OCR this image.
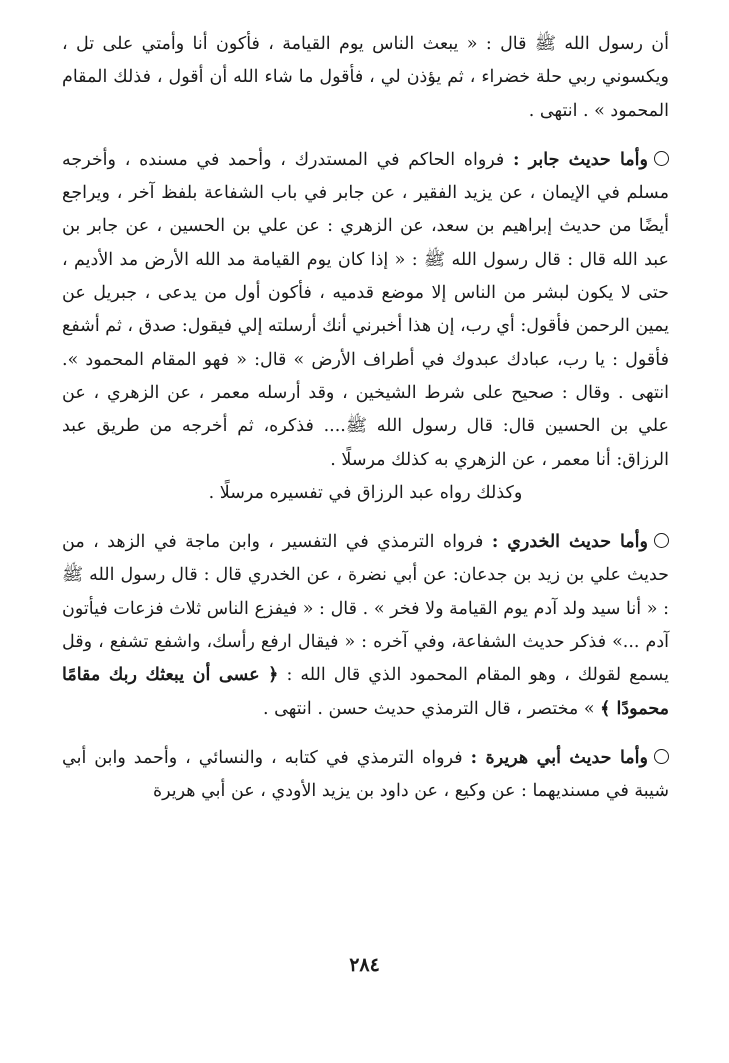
أن رسول الله ﷺ قال : « يبعث الناس يوم القيامة ، فأكون أنا وأمتي على تل ، ويكسوني ربي حلة خضراء ، ثم يؤذن لي ، فأقول ما شاء الله أن أقول ، فذلك المقام المحمود » . انتهى .

وأما حديث جابر : فرواه الحاكم في المستدرك ، وأحمد في مسنده ، وأخرجه مسلم في الإيمان ، عن يزيد الفقير ، عن جابر في باب الشفاعة بلفظ آخر ، ويراجع أيضًا من حديث إبراهيم بن سعد، عن الزهري : عن علي بن الحسين ، عن جابر بن عبد الله قال : قال رسول الله ﷺ : « إذا كان يوم القيامة مد الله الأرض مد الأديم ، حتى لا يكون لبشر من الناس إلا موضع قدميه ، فأكون أول من يدعى ، جبريل عن يمين الرحمن فأقول: أي رب، إن هذا أخبرني أنك أرسلته إلي فيقول: صدق ، ثم أشفع فأقول : يا رب، عبادك عبدوك في أطراف الأرض » قال: « فهو المقام المحمود ». انتهى . وقال : صحيح على شرط الشيخين ، وقد أرسله معمر ، عن الزهري ، عن علي بن الحسين قال: قال رسول الله ﷺ.... فذكره، ثم أخرجه من طريق عبد الرزاق: أنا معمر ، عن الزهري به كذلك مرسلًا .

وكذلك رواه عبد الرزاق في تفسيره مرسلًا .

وأما حديث الخدري : فرواه الترمذي في التفسير ، وابن ماجة في الزهد ، من حديث علي بن زيد بن جدعان: عن أبي نضرة ، عن الخدري قال : قال رسول الله ﷺ : « أنا سيد ولد آدم يوم القيامة ولا فخر » . قال : « فيفزع الناس ثلاث فزعات فيأتون آدم ...» فذكر حديث الشفاعة، وفي آخره : « فيقال ارفع رأسك، واشفع تشفع ، وقل يسمع لقولك ، وهو المقام المحمود الذي قال الله : ﴿ عسى أن يبعثك ربك مقامًا محمودًا ﴾ » مختصر ، قال الترمذي حديث حسن . انتهى .

وأما حديث أبي هريرة : فرواه الترمذي في كتابه ، والنسائي ، وأحمد وابن أبي شيبة في مسنديهما : عن وكيع ، عن داود بن يزيد الأودي ، عن أبي هريرة

٢٨٤
